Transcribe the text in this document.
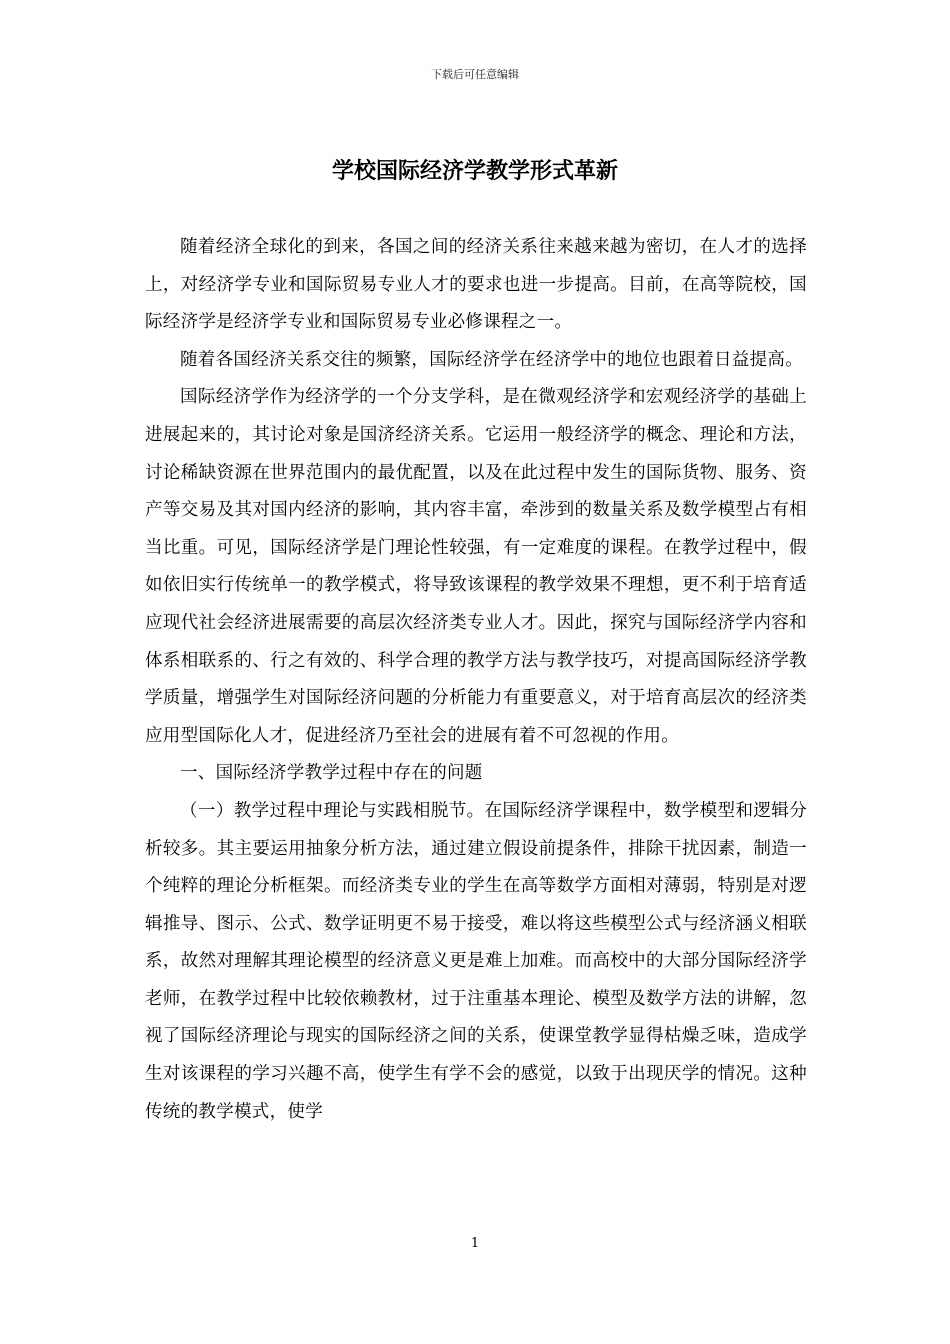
下载后可任意编辑
学校国际经济学教学形式革新

随着经济全球化的到来，各国之间的经济关系往来越来越为密切，在人才的选择上，对经济学专业和国际贸易专业人才的要求也进一步提高。目前，在高等院校，国际经济学是经济学专业和国际贸易专业必修课程之一。

随着各国经济关系交往的频繁，国际经济学在经济学中的地位也跟着日益提高。

国际经济学作为经济学的一个分支学科，是在微观经济学和宏观经济学的基础上进展起来的，其讨论对象是国济经济关系。它运用一般经济学的概念、理论和方法，讨论稀缺资源在世界范围内的最优配置，以及在此过程中发生的国际货物、服务、资产等交易及其对国内经济的影响，其内容丰富，牵涉到的数量关系及数学模型占有相当比重。可见，国际经济学是门理论性较强，有一定难度的课程。在教学过程中，假如依旧实行传统单一的教学模式，将导致该课程的教学效果不理想，更不利于培育适应现代社会经济进展需要的高层次经济类专业人才。因此，探究与国际经济学内容和体系相联系的、行之有效的、科学合理的教学方法与教学技巧，对提高国际经济学教学质量，增强学生对国际经济问题的分析能力有重要意义，对于培育高层次的经济类应用型国际化人才，促进经济乃至社会的进展有着不可忽视的作用。

一、国际经济学教学过程中存在的问题

（一）教学过程中理论与实践相脱节。在国际经济学课程中，数学模型和逻辑分析较多。其主要运用抽象分析方法，通过建立假设前提条件，排除干扰因素，制造一个纯粹的理论分析框架。而经济类专业的学生在高等数学方面相对薄弱，特别是对逻辑推导、图示、公式、数学证明更不易于接受，难以将这些模型公式与经济涵义相联系，故然对理解其理论模型的经济意义更是难上加难。而高校中的大部分国际经济学老师，在教学过程中比较依赖教材，过于注重基本理论、模型及数学方法的讲解，忽视了国际经济理论与现实的国际经济之间的关系，使课堂教学显得枯燥乏味，造成学生对该课程的学习兴趣不高，使学生有学不会的感觉，以致于出现厌学的情况。这种传统的教学模式，使学

1
